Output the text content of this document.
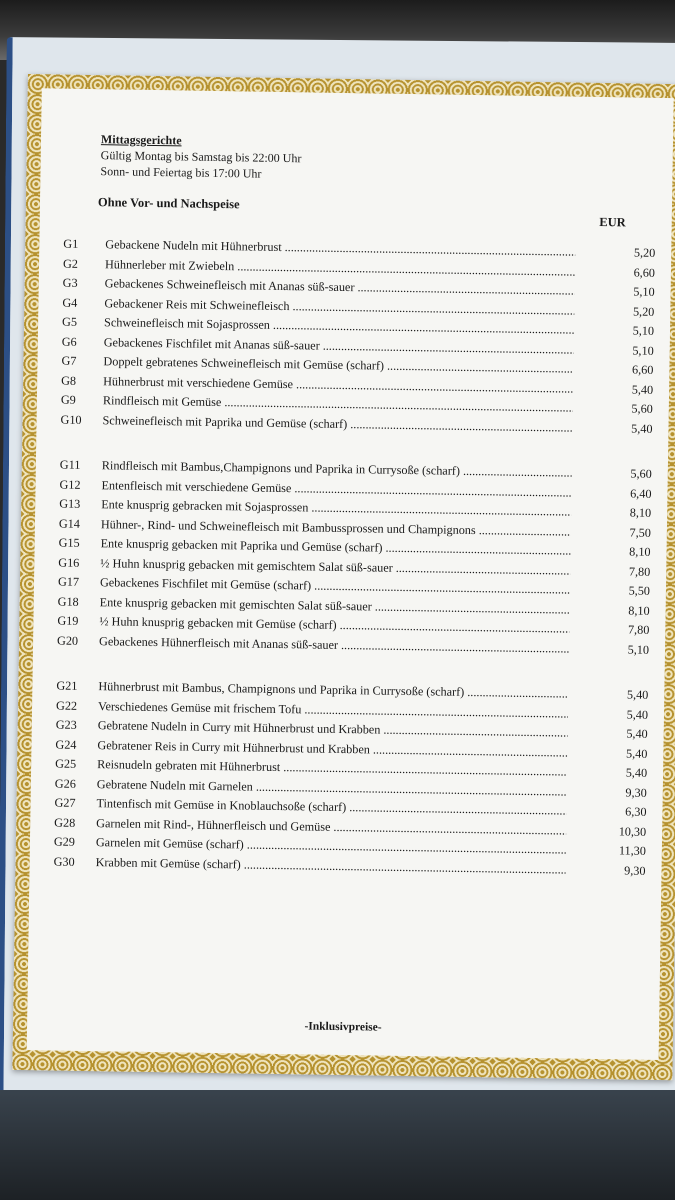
Mittagsgerichte
Gültig Montag bis Samstag bis 22:00 Uhr
Sonn- und Feiertag bis 17:00 Uhr
Ohne Vor- und Nachspeise
EUR
G1	Gebackene Nudeln mit Hühnerbrust .....	5,20
G2	Hühnerleber mit Zwiebeln .....	6,60
G3	Gebackenes Schweinefleisch mit Ananas süß-sauer .....	5,10
G4	Gebackener Reis mit Schweinefleisch .....	5,20
G5	Schweinefleisch mit Sojasprossen .....	5,10
G6	Gebackenes Fischfilet mit Ananas süß-sauer .....	5,10
G7	Doppelt gebratenes Schweinefleisch mit Gemüse (scharf) .....	6,60
G8	Hühnerbrust mit verschiedene Gemüse .....	5,40
G9	Rindfleisch mit Gemüse .....	5,60
G10	Schweinefleisch mit Paprika und Gemüse (scharf) .....	5,40
G11	Rindfleisch mit Bambus,Champignons und Paprika in Currysoße (scharf) .....	5,60
G12	Entenfleisch mit verschiedene Gemüse .....	6,40
G13	Ente knusprig gebracken mit Sojasprossen .....	8,10
G14	Hühner-, Rind- und Schweinefleisch mit Bambussprossen und Champignons .....	7,50
G15	Ente knusprig gebacken mit Paprika und Gemüse (scharf) .....	8,10
G16	½ Huhn knusprig gebacken mit gemischtem Salat süß-sauer .....	7,80
G17	Gebackenes Fischfilet mit Gemüse (scharf) .....	5,50
G18	Ente knusprig gebacken mit gemischten Salat süß-sauer .....	8,10
G19	½ Huhn knusprig gebacken mit Gemüse (scharf) .....	7,80
G20	Gebackenes Hühnerfleisch mit Ananas süß-sauer .....	5,10
G21	Hühnerbrust mit Bambus, Champignons und Paprika in Currysoße (scharf) .....	5,40
G22	Verschiedenes Gemüse mit frischem Tofu .....	5,40
G23	Gebratene Nudeln in Curry mit Hühnerbrust und Krabben .....	5,40
G24	Gebratener Reis in Curry mit Hühnerbrust und Krabben .....	5,40
G25	Reisnudeln gebraten mit Hühnerbrust .....	5,40
G26	Gebratene Nudeln mit Garnelen .....	9,30
G27	Tintenfisch mit Gemüse in Knoblauchsoße (scharf) .....	6,30
G28	Garnelen mit Rind-, Hühnerfleisch und Gemüse .....	10,30
G29	Garnelen mit Gemüse (scharf) .....	11,30
G30	Krabben mit Gemüse (scharf) .....	9,30
-Inklusivpreise-
